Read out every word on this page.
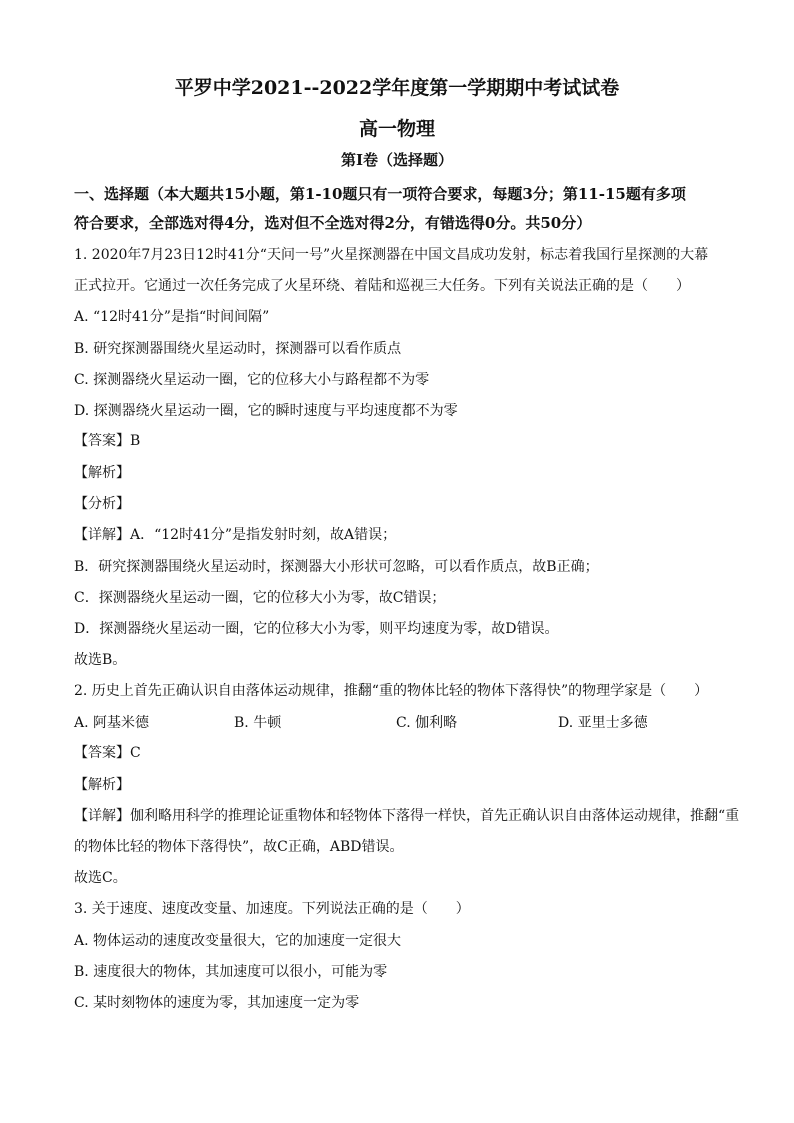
平罗中学2021--2022学年度第一学期期中考试试卷
高一物理
第I卷（选择题）
一、选择题（本大题共15小题，第1-10题只有一项符合要求，每题3分；第11-15题有多项
符合要求，全部选对得4分，选对但不全选对得2分，有错选得0分。共50分）
1. 2020年7月23日12时41分“天问一号”火星探测器在中国文昌成功发射，标志着我国行星探测的大幕
正式拉开。它通过一次任务完成了火星环绕、着陆和巡视三大任务。下列有关说法正确的是（　　）
A. “12时41分”是指“时间间隔”
B. 研究探测器围绕火星运动时，探测器可以看作质点
C. 探测器绕火星运动一圈，它的位移大小与路程都不为零
D. 探测器绕火星运动一圈，它的瞬时速度与平均速度都不为零
【答案】B
【解析】
【分析】
【详解】A．“12时41分”是指发射时刻，故A错误；
B．研究探测器围绕火星运动时，探测器大小形状可忽略，可以看作质点，故B正确；
C．探测器绕火星运动一圈，它的位移大小为零，故C错误；
D．探测器绕火星运动一圈，它的位移大小为零，则平均速度为零，故D错误。
故选B。
2. 历史上首先正确认识自由落体运动规律，推翻“重的物体比轻的物体下落得快”的物理学家是（　　）
A. 阿基米德	B. 牛顿	C. 伽利略	D. 亚里士多德
【答案】C
【解析】
【详解】伽利略用科学的推理论证重物体和轻物体下落得一样快，首先正确认识自由落体运动规律，推翻“重
的物体比轻的物体下落得快”，故C正确，ABD错误。
故选C。
3. 关于速度、速度改变量、加速度。下列说法正确的是（　　）
A. 物体运动的速度改变量很大，它的加速度一定很大
B. 速度很大的物体，其加速度可以很小，可能为零
C. 某时刻物体的速度为零，其加速度一定为零
